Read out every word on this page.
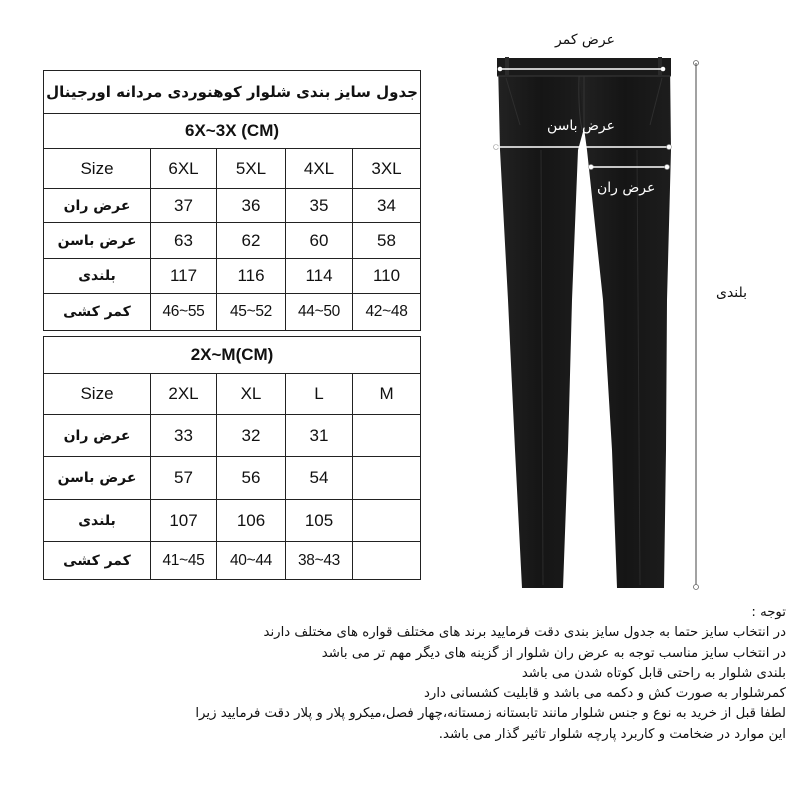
جدول سایز بندی شلوار کوهنوردی مردانه اورجینال				
6X~3X (CM)				
Size	6XL	5XL	4XL	3XL
عرض ران	37	36	35	34
عرض باسن	63	62	60	58
بلندی	117	116	114	110
کمر کشی	46~55	45~52	44~50	42~48
2X~M(CM)				
Size	2XL	XL	L	M
عرض ران	33	32	31	
عرض باسن	57	56	54	
بلندی	107	106	105	
کمر کشی	41~45	40~44	38~43	
عرض کمر
عرض باسن
عرض ران
بلندی
توجه :
در انتخاب سایز حتما به جدول سایز بندی دقت فرمایید برند های مختلف قواره های مختلف دارند
در انتخاب سایز مناسب توجه به عرض ران شلوار از گزینه های دیگر مهم تر می باشد
بلندی شلوار به راحتی قابل کوتاه شدن می باشد
کمرشلوار به صورت کش و دکمه می باشد و قابلیت کشسانی دارد
لطفا قبل از خرید به نوع و جنس شلوار مانند تابستانه زمستانه،چهار فصل،میکرو پلار و پلار دقت فرمایید زیرا
این موارد در ضخامت و کاربرد پارچه شلوار تاثیر گذار می باشد.
